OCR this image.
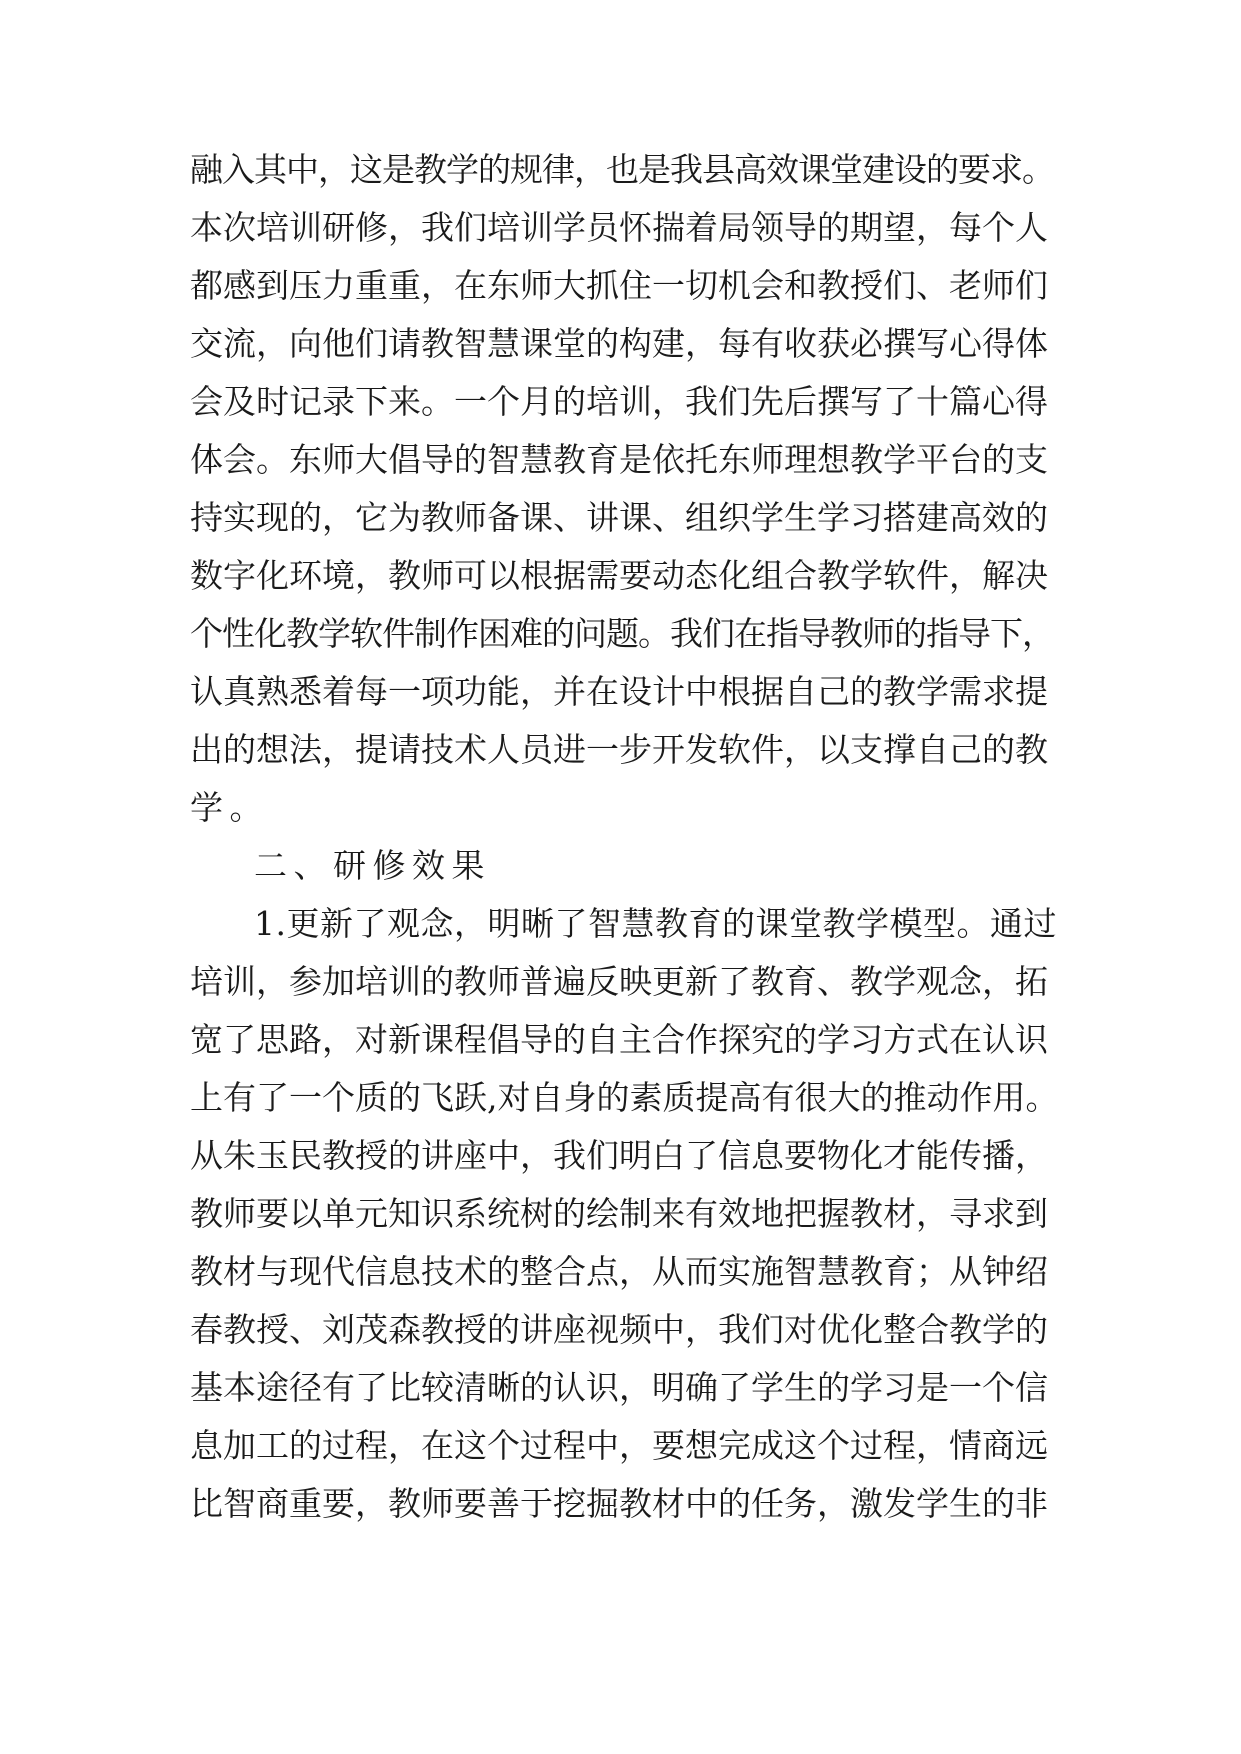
融入其中，这是教学的规律，也是我县高效课堂建设的要求。
本次培训研修，我们培训学员怀揣着局领导的期望，每个人
都感到压力重重，在东师大抓住一切机会和教授们、老师们
交流，向他们请教智慧课堂的构建，每有收获必撰写心得体
会及时记录下来。一个月的培训，我们先后撰写了十篇心得
体会。东师大倡导的智慧教育是依托东师理想教学平台的支
持实现的，它为教师备课、讲课、组织学生学习搭建高效的
数字化环境，教师可以根据需要动态化组合教学软件，解决
个性化教学软件制作困难的问题。我们在指导教师的指导下，
认真熟悉着每一项功能，并在设计中根据自己的教学需求提
出的想法，提请技术人员进一步开发软件，以支撑自己的教
学。
二、研修效果
1.更新了观念，明晰了智慧教育的课堂教学模型。通过
培训，参加培训的教师普遍反映更新了教育、教学观念，拓
宽了思路，对新课程倡导的自主合作探究的学习方式在认识
上有了一个质的飞跃,对自身的素质提高有很大的推动作用。
从朱玉民教授的讲座中，我们明白了信息要物化才能传播，
教师要以单元知识系统树的绘制来有效地把握教材，寻求到
教材与现代信息技术的整合点，从而实施智慧教育；从钟绍
春教授、刘茂森教授的讲座视频中，我们对优化整合教学的
基本途径有了比较清晰的认识，明确了学生的学习是一个信
息加工的过程，在这个过程中，要想完成这个过程，情商远
比智商重要，教师要善于挖掘教材中的任务，激发学生的非
